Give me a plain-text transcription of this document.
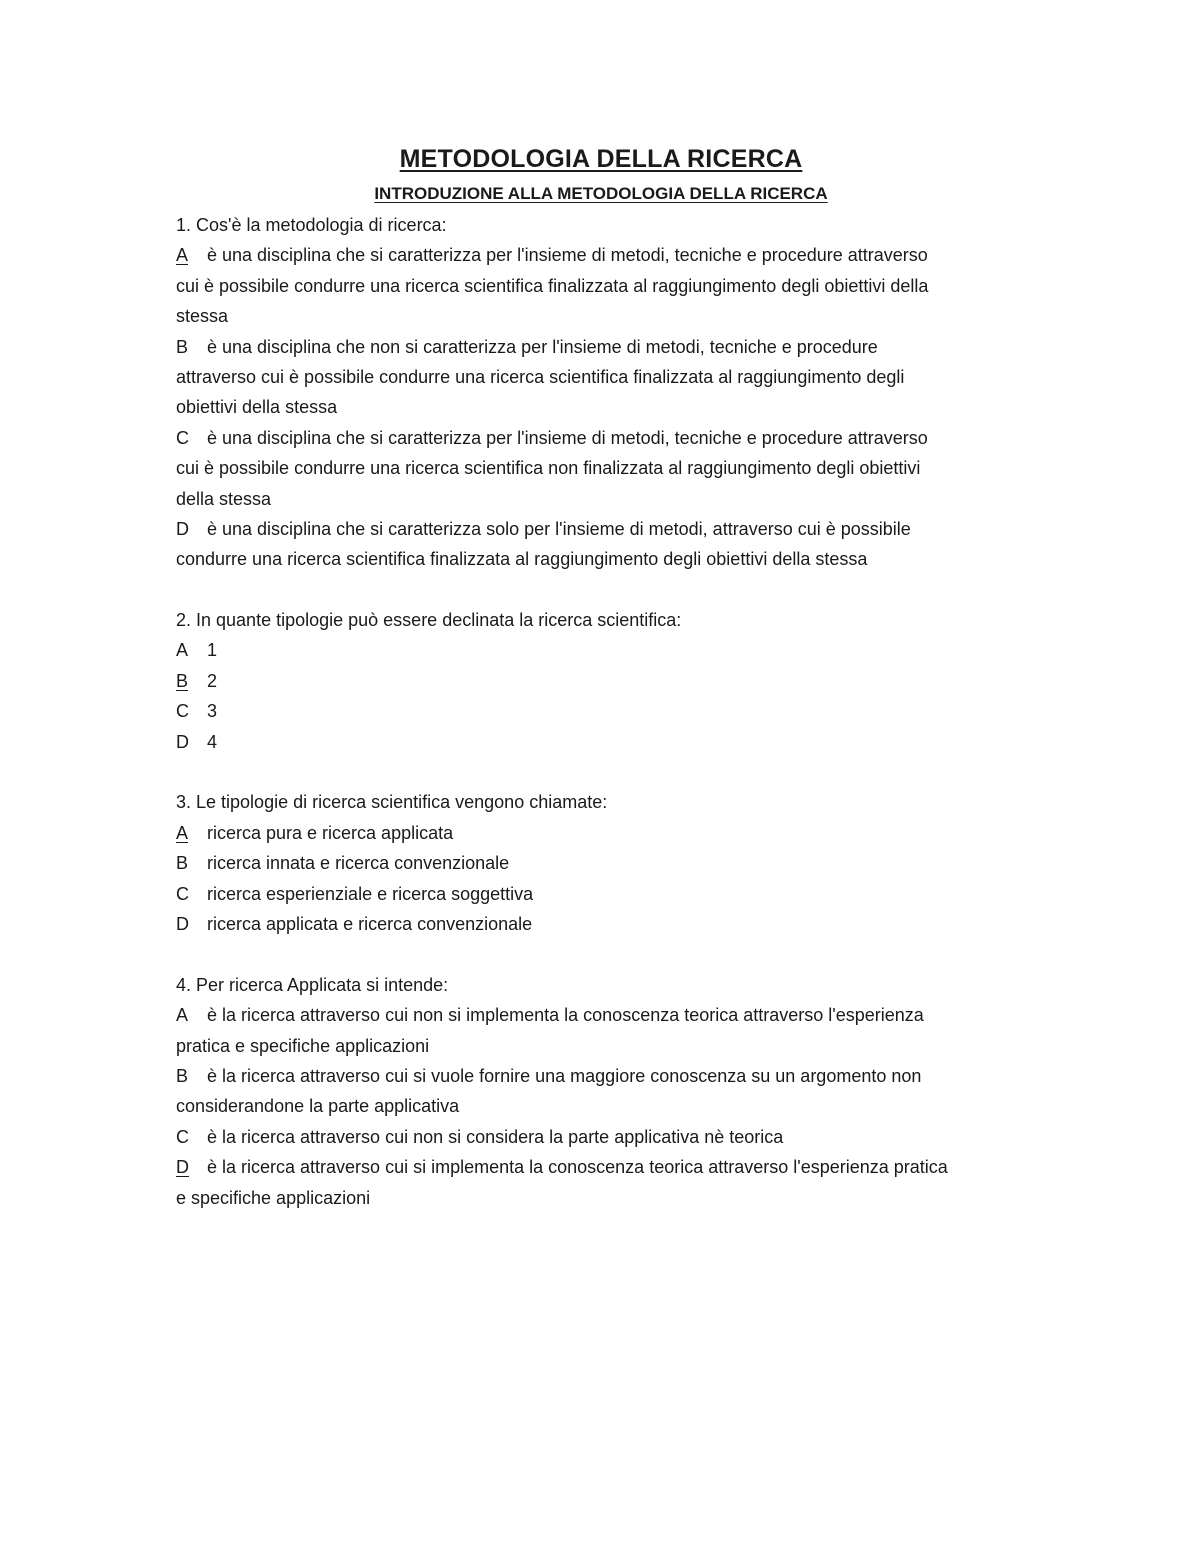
METODOLOGIA DELLA RICERCA
INTRODUZIONE ALLA METODOLOGIA DELLA RICERCA
1. Cos'è la metodologia di ricerca:
A è una disciplina che si caratterizza per l'insieme di metodi, tecniche e procedure attraverso
cui è possibile condurre una ricerca scientifica finalizzata al raggiungimento degli obiettivi della
stessa
B è una disciplina che non si caratterizza per l'insieme di metodi, tecniche e procedure
attraverso cui è possibile condurre una ricerca scientifica finalizzata al raggiungimento degli
obiettivi della stessa
C è una disciplina che si caratterizza per l'insieme di metodi, tecniche e procedure attraverso
cui è possibile condurre una ricerca scientifica non finalizzata al raggiungimento degli obiettivi
della stessa
D è una disciplina che si caratterizza solo per l'insieme di metodi, attraverso cui è possibile
condurre una ricerca scientifica finalizzata al raggiungimento degli obiettivi della stessa
2. In quante tipologie può essere declinata la ricerca scientifica:
A 1
B 2
C 3
D 4
3. Le tipologie di ricerca scientifica vengono chiamate:
A ricerca pura e ricerca applicata
B ricerca innata e ricerca convenzionale
C ricerca esperienziale e ricerca soggettiva
D ricerca applicata e ricerca convenzionale
4. Per ricerca Applicata si intende:
A è la ricerca attraverso cui non si implementa la conoscenza teorica attraverso l'esperienza
pratica e specifiche applicazioni
B è la ricerca attraverso cui si vuole fornire una maggiore conoscenza su un argomento non
considerandone la parte applicativa
C è la ricerca attraverso cui non si considera la parte applicativa nè teorica
D è la ricerca attraverso cui si implementa la conoscenza teorica attraverso l'esperienza pratica
e specifiche applicazioni
